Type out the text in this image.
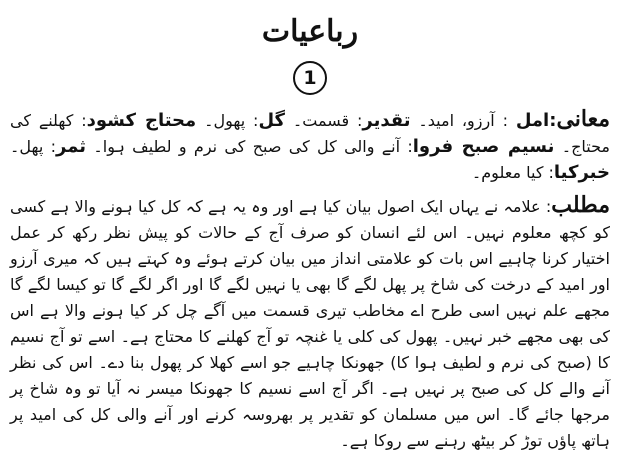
رباعیات
1

معانی:امل : آرزو، امید۔ تقدیر: قسمت۔ گل: پھول۔ محتاج کشود: کھلنے کی محتاج۔ نسیم صبح فروا: آنے والی کل کی صبح کی نرم و لطیف ہوا۔ ثمر: پھل۔ خبرکیا: کیا معلوم۔

مطلب: علامہ نے یہاں ایک اصول بیان کیا ہے اور وہ یہ ہے کہ کل کیا ہونے والا ہے کسی کو کچھ معلوم نہیں۔ اس لئے انسان کو صرف آج کے حالات کو پیش نظر رکھ کر عمل اختیار کرنا چاہیے اس بات کو علامتی انداز میں بیان کرتے ہوئے وہ کہتے ہیں کہ میری آرزو اور امید کے درخت کی شاخ پر پھل لگے گا بھی یا نہیں لگے گا اور اگر لگے گا تو کیسا لگے گا مجھے علم نہیں اسی طرح اے مخاطب تیری قسمت میں آگے چل کر کیا ہونے والا ہے اس کی بھی مجھے خبر نہیں۔ پھول کی کلی یا غنچہ تو آج کھلنے کا محتاج ہے۔ اسے تو آج نسیم کا (صبح کی نرم و لطیف ہوا کا) جھونکا چاہیے جو اسے کھلا کر پھول بنا دے۔ اس کی نظر آنے والے کل کی صبح پر نہیں ہے۔ اگر آج اسے نسیم کا جھونکا میسر نہ آیا تو وہ شاخ پر مرجھا جائے گا۔ اس میں مسلمان کو تقدیر پر بھروسہ کرنے اور آنے والی کل کی امید پر ہاتھ پاؤں توڑ کر بیٹھ رہنے سے روکا ہے۔
